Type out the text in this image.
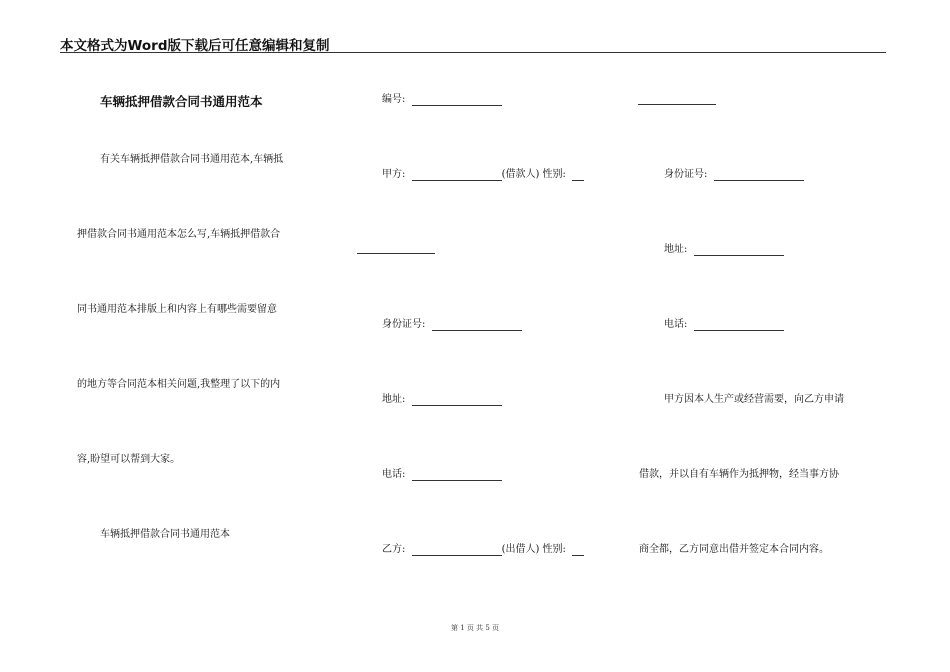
本文格式为Word版下载后可任意编辑和复制
车辆抵押借款合同书通用范本
有关车辆抵押借款合同书通用范本,车辆抵
押借款合同书通用范本怎么写,车辆抵押借款合
同书通用范本排版上和内容上有哪些需要留意
的地方等合同范本相关问题,我整理了以下的内
容,盼望可以帮到大家。
车辆抵押借款合同书通用范本
编号:
甲方:	(借款人) 性别:
身份证号:
地址:
电话:
乙方:	(出借人) 性别:
身份证号:
地址:
电话:
甲方因本人生产或经营需要，向乙方申请
借款，并以自有车辆作为抵押物，经当事方协
商全都，乙方同意出借并签定本合同内容。
第 1 页 共 5 页
